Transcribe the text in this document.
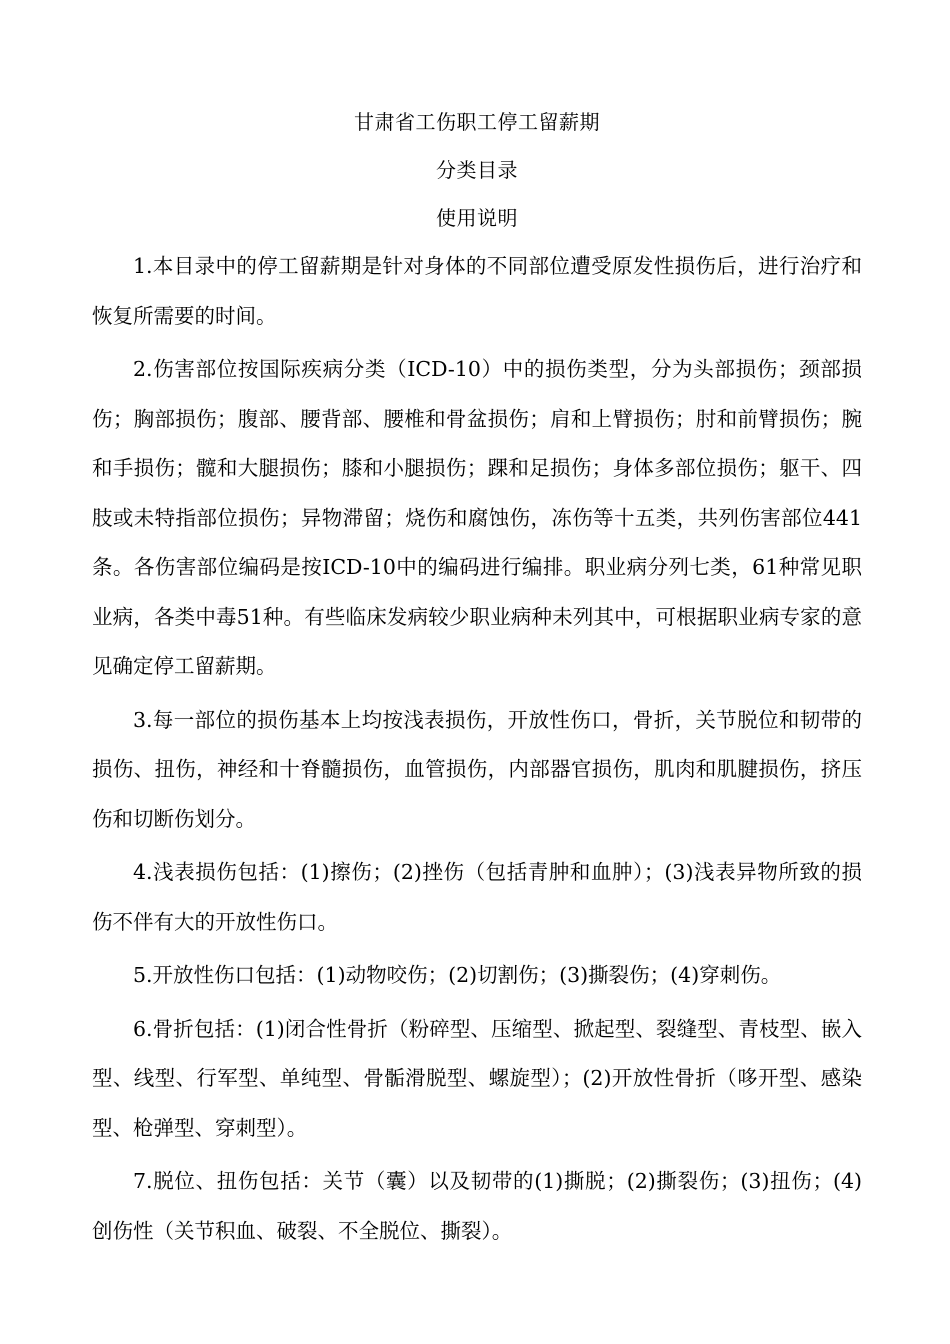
甘肃省工伤职工停工留薪期
分类目录
使用说明

1.本目录中的停工留薪期是针对身体的不同部位遭受原发性损伤后，进行治疗和恢复所需要的时间。

2.伤害部位按国际疾病分类（ICD-10）中的损伤类型，分为头部损伤；颈部损伤；胸部损伤；腹部、腰背部、腰椎和骨盆损伤；肩和上臂损伤；肘和前臂损伤；腕和手损伤；髋和大腿损伤；膝和小腿损伤；踝和足损伤；身体多部位损伤；躯干、四肢或未特指部位损伤；异物滞留；烧伤和腐蚀伤，冻伤等十五类，共列伤害部位441条。各伤害部位编码是按ICD-10中的编码进行编排。职业病分列七类，61种常见职业病，各类中毒51种。有些临床发病较少职业病种未列其中，可根据职业病专家的意见确定停工留薪期。

3.每一部位的损伤基本上均按浅表损伤，开放性伤口，骨折，关节脱位和韧带的损伤、扭伤，神经和十脊髓损伤，血管损伤，内部器官损伤，肌肉和肌腱损伤，挤压伤和切断伤划分。

4.浅表损伤包括：(1)擦伤；(2)挫伤（包括青肿和血肿）；(3)浅表异物所致的损伤不伴有大的开放性伤口。

5.开放性伤口包括：(1)动物咬伤；(2)切割伤；(3)撕裂伤；(4)穿刺伤。

6.骨折包括：(1)闭合性骨折（粉碎型、压缩型、掀起型、裂缝型、青枝型、嵌入型、线型、行军型、单纯型、骨骺滑脱型、螺旋型）；(2)开放性骨折（哆开型、感染型、枪弹型、穿刺型）。

7.脱位、扭伤包括：关节（囊）以及韧带的(1)撕脱；(2)撕裂伤；(3)扭伤；(4)创伤性（关节积血、破裂、不全脱位、撕裂）。
